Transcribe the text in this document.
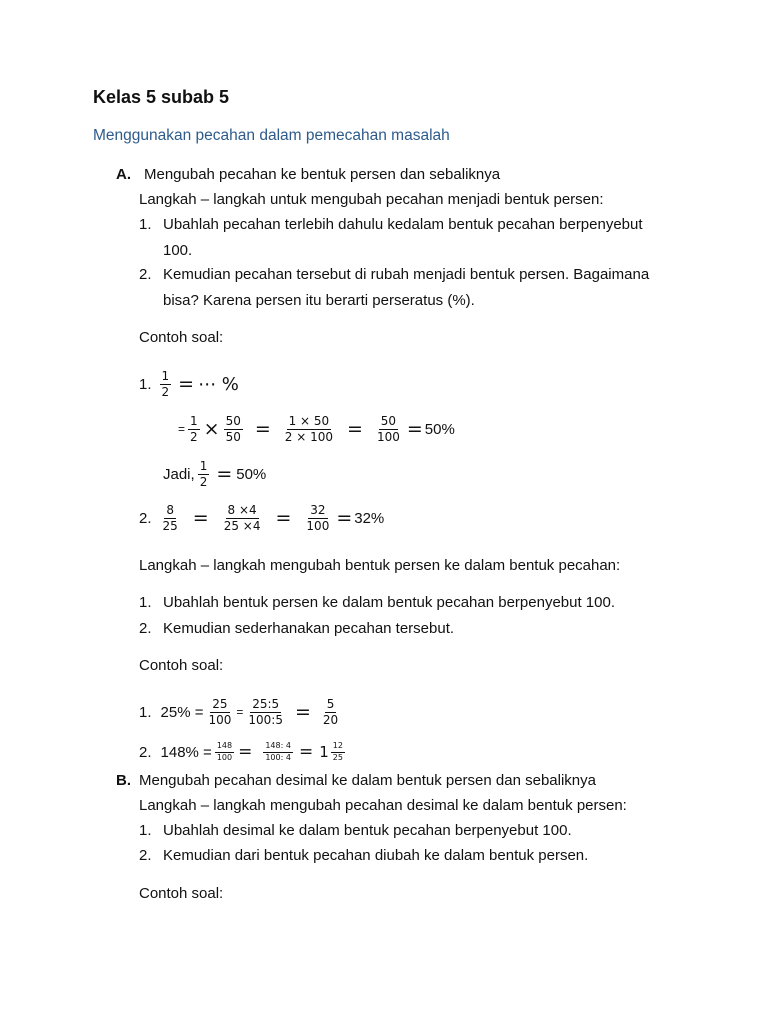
Kelas 5 subab 5
Menggunakan pecahan dalam pemecahan masalah
A. Mengubah pecahan ke bentuk persen dan sebaliknya
Langkah – langkah untuk mengubah pecahan menjadi bentuk persen:
1. Ubahlah pecahan terlebih dahulu kedalam bentuk pecahan berpenyebut
100.
2. Kemudian pecahan tersebut di rubah menjadi bentuk persen. Bagaimana
bisa? Karena persen itu berarti perseratus (%).
Contoh soal:
1. $\frac{1}{2}$ = ⋯ %
= $\frac{1}{2} \times \frac{50}{50} = \frac{1 \times 50}{2 \times 100} = \frac{50}{100} = 50\%$
Jadi, $\frac{1}{2} = 50\%$
2. $\frac{8}{25} = \frac{8 \times 4}{25 \times 4} = \frac{32}{100} = 32\%$
Langkah – langkah mengubah bentuk persen ke dalam bentuk pecahan:
1. Ubahlah bentuk persen ke dalam bentuk pecahan berpenyebut 100.
2. Kemudian sederhanakan pecahan tersebut.
Contoh soal:
1. $25\% = \frac{25}{100} = \frac{25:5}{100:5} = \frac{5}{20}$
2. $148\% = \frac{148}{100} = \frac{148: 4}{100: 4} = 1 \frac{12}{25}$
B. Mengubah pecahan desimal ke dalam bentuk persen dan sebaliknya
Langkah – langkah mengubah pecahan desimal ke dalam bentuk persen:
1. Ubahlah desimal ke dalam bentuk pecahan berpenyebut 100.
2. Kemudian dari bentuk pecahan diubah ke dalam bentuk persen.
Contoh soal:
